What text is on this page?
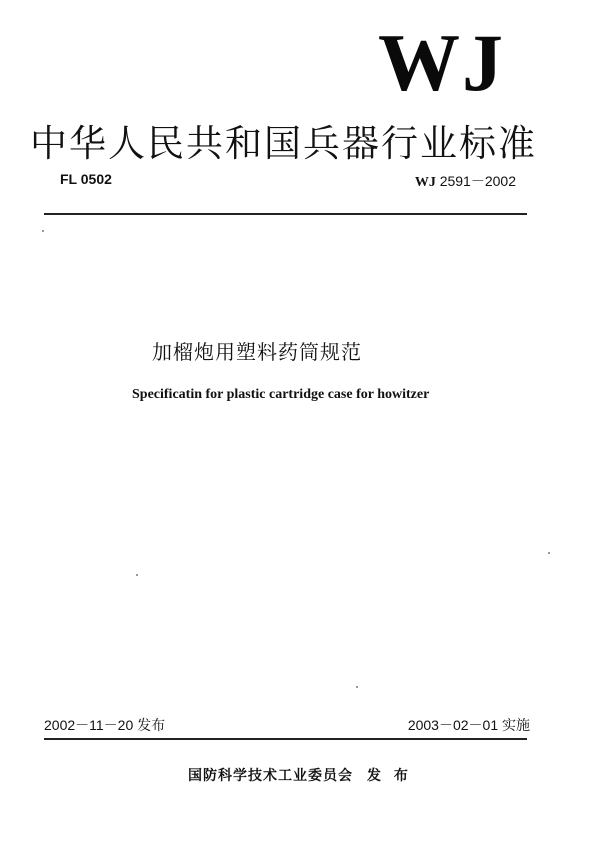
WJ
中华人民共和国兵器行业标准
FL 0502	WJ 2591－2002
加榴炮用塑料药筒规范
Specificatin for plastic cartridge case for howitzer
2002－11－20 发布	2003－02－01 实施
国防科学技术工业委员会 发 布
